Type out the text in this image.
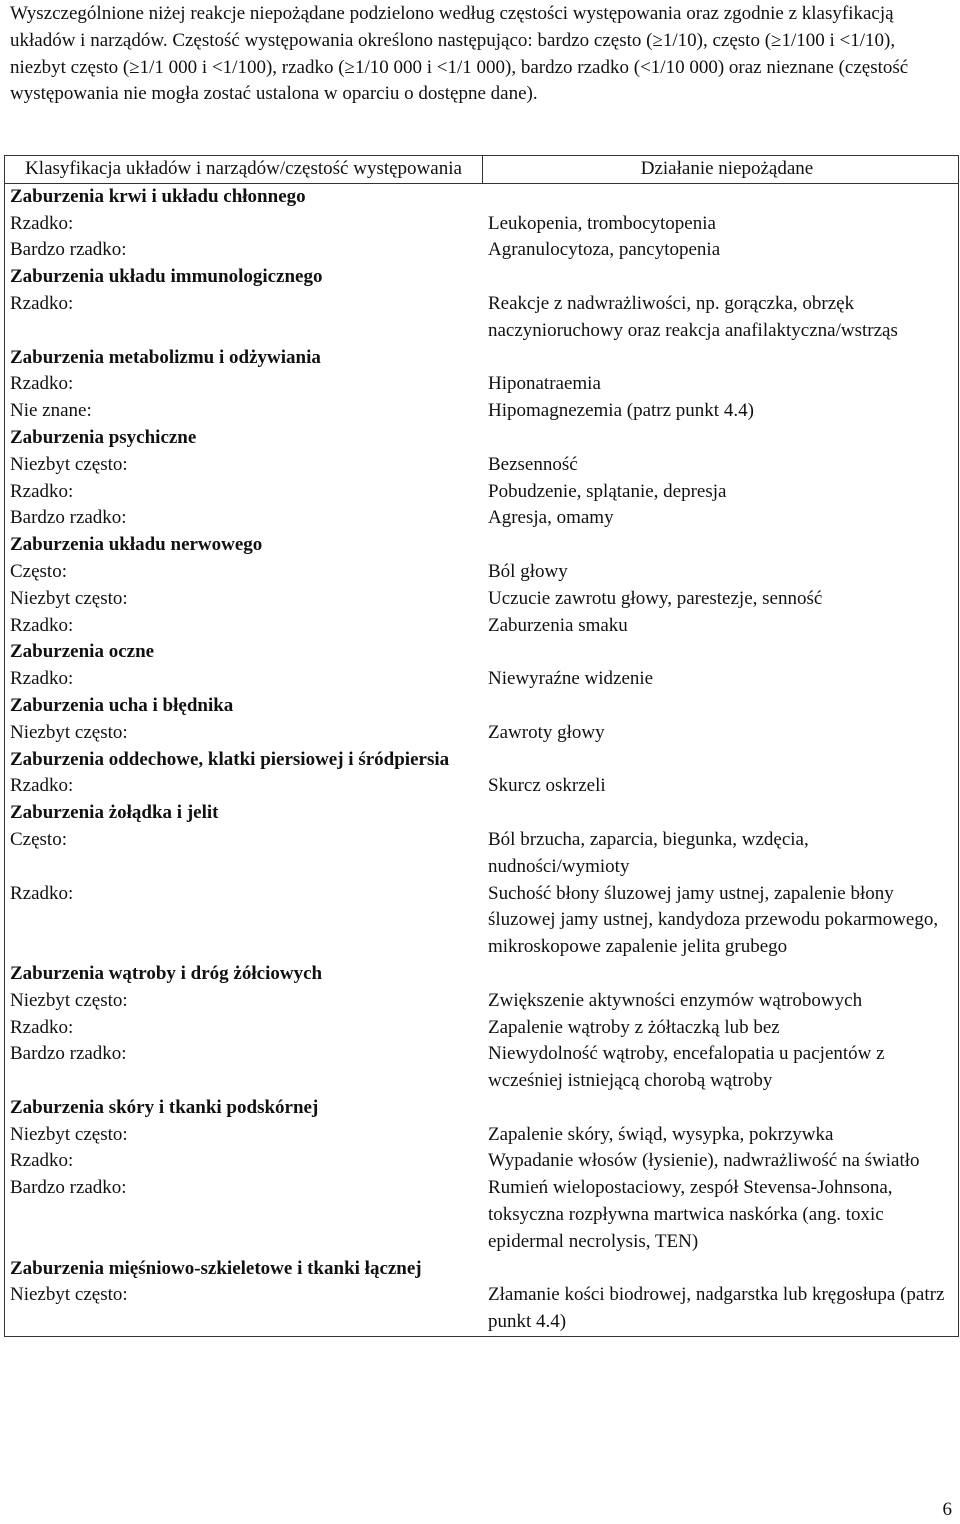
Wyszczególnione niżej reakcje niepożądane podzielono według częstości występowania oraz zgodnie z klasyfikacją układów i narządów. Częstość występowania określono następująco: bardzo często (≥1/10), często (≥1/100 i <1/10), niezbyt często (≥1/1 000 i <1/100), rzadko (≥1/10 000 i <1/1 000), bardzo rzadko (<1/10 000) oraz nieznane (częstość występowania nie mogła zostać ustalona w oparciu o dostępne dane).

Klasyfikacja układów i narządów/częstość występowania	Działanie niepożądane

Zaburzenia krwi i układu chłonnego
Rzadko:	Leukopenia, trombocytopenia
Bardzo rzadko:	Agranulocytoza, pancytopenia
Zaburzenia układu immunologicznego
Rzadko:	Reakcje z nadwrażliwości, np. gorączka, obrzęk naczynioruchowy oraz reakcja anafilaktyczna/wstrząs
Zaburzenia metabolizmu i odżywiania
Rzadko:	Hiponatraemia
Nie znane:	Hipomagnezemia (patrz punkt 4.4)
Zaburzenia psychiczne
Niezbyt często:	Bezsenność
Rzadko:	Pobudzenie, splątanie, depresja
Bardzo rzadko:	Agresja, omamy
Zaburzenia układu nerwowego
Często:	Ból głowy
Niezbyt często:	Uczucie zawrotu głowy, parestezje, senność
Rzadko:	Zaburzenia smaku
Zaburzenia oczne
Rzadko:	Niewyraźne widzenie
Zaburzenia ucha i błędnika
Niezbyt często:	Zawroty głowy
Zaburzenia oddechowe, klatki piersiowej i śródpiersia
Rzadko:	Skurcz oskrzeli
Zaburzenia żołądka i jelit
Często:	Ból brzucha, zaparcia, biegunka, wzdęcia, nudności/wymioty
Rzadko:	Suchość błony śluzowej jamy ustnej, zapalenie błony śluzowej jamy ustnej, kandydoza przewodu pokarmowego, mikroskopowe zapalenie jelita grubego
Zaburzenia wątroby i dróg żółciowych
Niezbyt często:	Zwiększenie aktywności enzymów wątrobowych
Rzadko:	Zapalenie wątroby z żółtaczką lub bez
Bardzo rzadko:	Niewydolność wątroby, encefalopatia u pacjentów z wcześniej istniejącą chorobą wątroby
Zaburzenia skóry i tkanki podskórnej
Niezbyt często:	Zapalenie skóry, świąd, wysypka, pokrzywka
Rzadko:	Wypadanie włosów (łysienie), nadwrażliwość na światło
Bardzo rzadko:	Rumień wielopostaciowy, zespół Stevensa-Johnsona, toksyczna rozpływna martwica naskórka (ang. toxic epidermal necrolysis, TEN)
Zaburzenia mięśniowo-szkieletowe i tkanki łącznej
Niezbyt często:	Złamanie kości biodrowej, nadgarstka lub kręgosłupa (patrz punkt 4.4)
6
